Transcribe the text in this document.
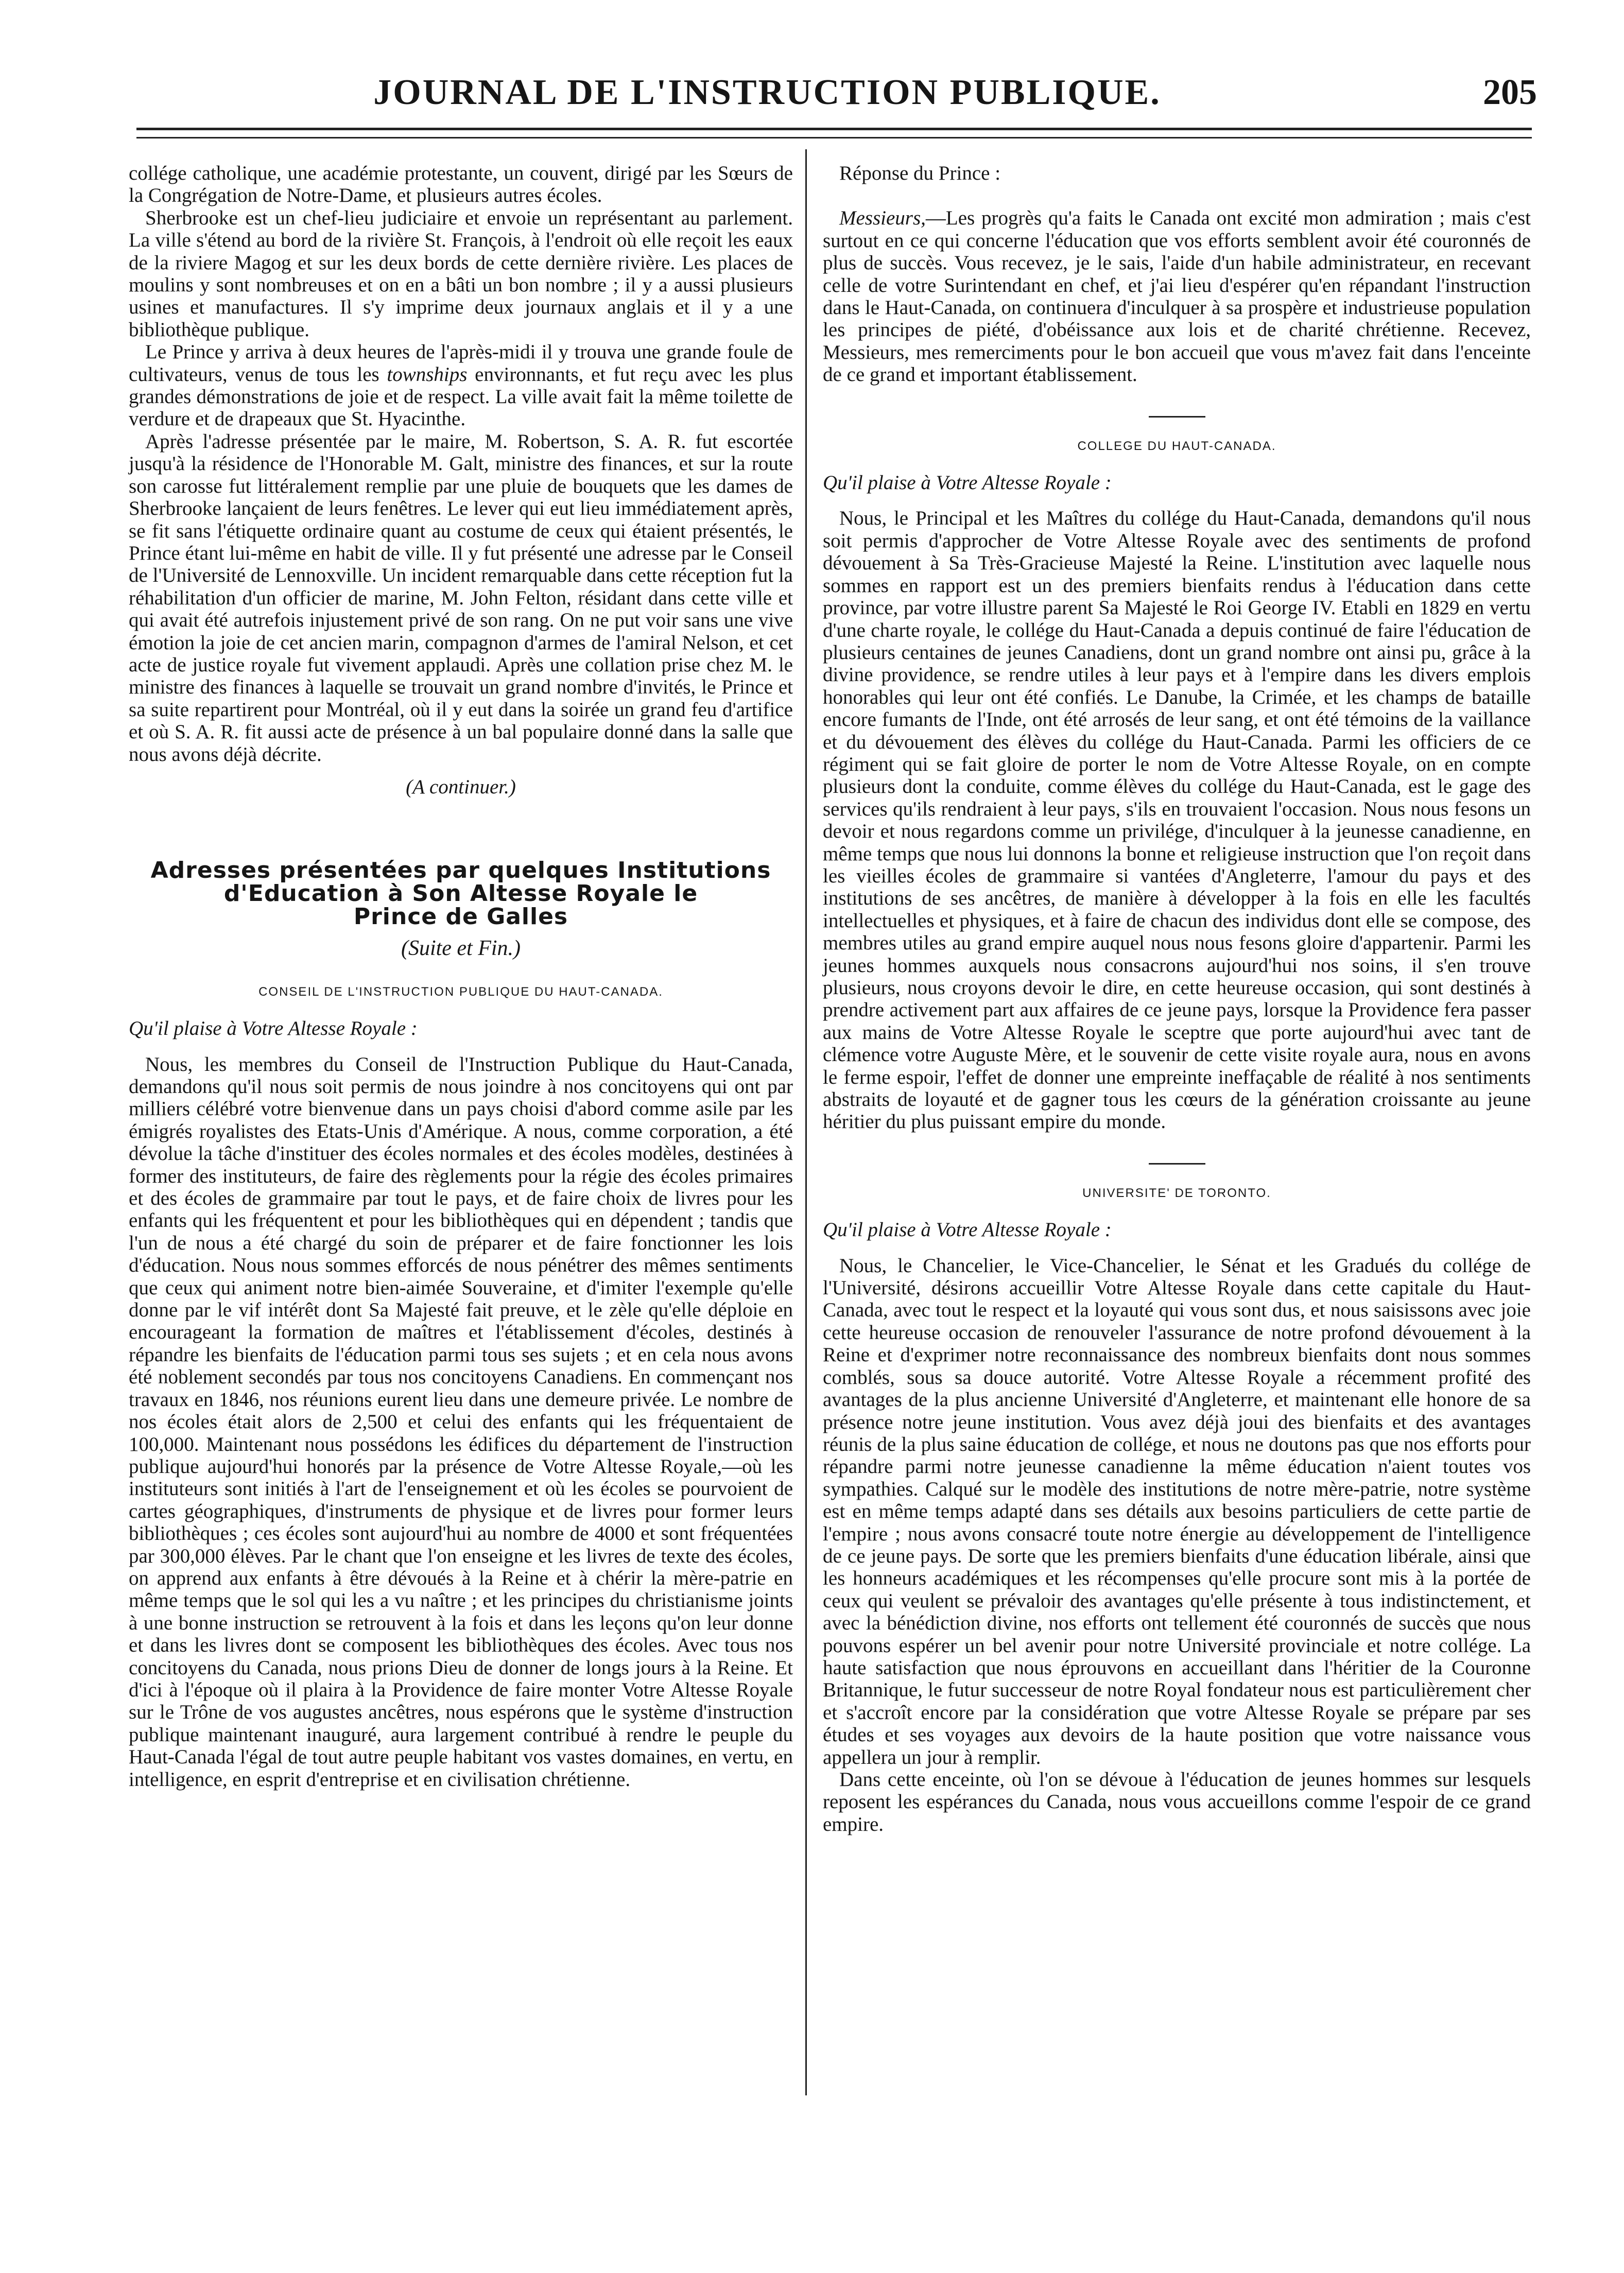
JOURNAL DE L'INSTRUCTION PUBLIQUE.	205

collége catholique, une académie protestante, un couvent, dirigé par les Sœurs de la Congrégation de Notre-Dame, et plusieurs autres écoles.

Sherbrooke est un chef-lieu judiciaire et envoie un représentant au parlement. La ville s'étend au bord de la rivière St. François, à l'endroit où elle reçoit les eaux de la riviere Magog et sur les deux bords de cette dernière rivière. Les places de moulins y sont nombreuses et on en a bâti un bon nombre ; il y a aussi plusieurs usines et manufactures. Il s'y imprime deux journaux anglais et il y a une bibliothèque publique.

Le Prince y arriva à deux heures de l'après-midi il y trouva une grande foule de cultivateurs, venus de tous les townships environnants, et fut reçu avec les plus grandes démonstrations de joie et de respect. La ville avait fait la même toilette de verdure et de drapeaux que St. Hyacinthe.

Après l'adresse présentée par le maire, M. Robertson, S. A. R. fut escortée jusqu'à la résidence de l'Honorable M. Galt, ministre des finances, et sur la route son carosse fut littéralement remplie par une pluie de bouquets que les dames de Sherbrooke lançaient de leurs fenêtres. Le lever qui eut lieu immédiatement après, se fit sans l'étiquette ordinaire quant au costume de ceux qui étaient présentés, le Prince étant lui-même en habit de ville. Il y fut présenté une adresse par le Conseil de l'Université de Lennoxville. Un incident remarquable dans cette réception fut la réhabilitation d'un officier de marine, M. John Felton, résidant dans cette ville et qui avait été autrefois injustement privé de son rang. On ne put voir sans une vive émotion la joie de cet ancien marin, compagnon d'armes de l'amiral Nelson, et cet acte de justice royale fut vivement applaudi. Après une collation prise chez M. le ministre des finances à laquelle se trouvait un grand nombre d'invités, le Prince et sa suite repartirent pour Montréal, où il y eut dans la soirée un grand feu d'artifice et où S. A. R. fit aussi acte de présence à un bal populaire donné dans la salle que nous avons déjà décrite.

(A continuer.)

Adresses présentées par quelques Institutions
d'Education à Son Altesse Royale le
Prince de Galles

(Suite et Fin.)

CONSEIL DE L'INSTRUCTION PUBLIQUE DU HAUT-CANADA.

Qu'il plaise à Votre Altesse Royale :

Nous, les membres du Conseil de l'Instruction Publique du Haut-Canada, demandons qu'il nous soit permis de nous joindre à nos concitoyens qui ont par milliers célébré votre bienvenue dans un pays choisi d'abord comme asile par les émigrés royalistes des Etats-Unis d'Amérique. A nous, comme corporation, a été dévolue la tâche d'instituer des écoles normales et des écoles modèles, destinées à former des instituteurs, de faire des règlements pour la régie des écoles primaires et des écoles de grammaire par tout le pays, et de faire choix de livres pour les enfants qui les fréquentent et pour les bibliothèques qui en dépendent ; tandis que l'un de nous a été chargé du soin de préparer et de faire fonctionner les lois d'éducation. Nous nous sommes efforcés de nous pénétrer des mêmes sentiments que ceux qui animent notre bien-aimée Souveraine, et d'imiter l'exemple qu'elle donne par le vif intérêt dont Sa Majesté fait preuve, et le zèle qu'elle déploie en encourageant la formation de maîtres et l'établissement d'écoles, destinés à répandre les bienfaits de l'éducation parmi tous ses sujets ; et en cela nous avons été noblement secondés par tous nos concitoyens Canadiens. En commençant nos travaux en 1846, nos réunions eurent lieu dans une demeure privée. Le nombre de nos écoles était alors de 2,500 et celui des enfants qui les fréquentaient de 100,000. Maintenant nous possédons les édifices du département de l'instruction publique aujourd'hui honorés par la présence de Votre Altesse Royale,—où les instituteurs sont initiés à l'art de l'enseignement et où les écoles se pourvoient de cartes géographiques, d'instruments de physique et de livres pour former leurs bibliothèques ; ces écoles sont aujourd'hui au nombre de 4000 et sont fréquentées par 300,000 élèves. Par le chant que l'on enseigne et les livres de texte des écoles, on apprend aux enfants à être dévoués à la Reine et à chérir la mère-patrie en même temps que le sol qui les a vu naître ; et les principes du christianisme joints à une bonne instruction se retrouvent à la fois et dans les leçons qu'on leur donne et dans les livres dont se composent les bibliothèques des écoles. Avec tous nos concitoyens du Canada, nous prions Dieu de donner de longs jours à la Reine. Et d'ici à l'époque où il plaira à la Providence de faire monter Votre Altesse Royale sur le Trône de vos augustes ancêtres, nous espérons que le système d'instruction publique maintenant inauguré, aura largement contribué à rendre le peuple du Haut-Canada l'égal de tout autre peuple habitant vos vastes domaines, en vertu, en intelligence, en esprit d'entreprise et en civilisation chrétienne.

Réponse du Prince :

Messieurs,—Les progrès qu'a faits le Canada ont excité mon admiration ; mais c'est surtout en ce qui concerne l'éducation que vos efforts semblent avoir été couronnés de plus de succès. Vous recevez, je le sais, l'aide d'un habile administrateur, en recevant celle de votre Surintendant en chef, et j'ai lieu d'espérer qu'en répandant l'instruction dans le Haut-Canada, on continuera d'inculquer à sa prospère et industrieuse population les principes de piété, d'obéissance aux lois et de charité chrétienne. Recevez, Messieurs, mes remerciments pour le bon accueil que vous m'avez fait dans l'enceinte de ce grand et important établissement.

COLLEGE DU HAUT-CANADA.

Qu'il plaise à Votre Altesse Royale :

Nous, le Principal et les Maîtres du collége du Haut-Canada, demandons qu'il nous soit permis d'approcher de Votre Altesse Royale avec des sentiments de profond dévouement à Sa Très-Gracieuse Majesté la Reine. L'institution avec laquelle nous sommes en rapport est un des premiers bienfaits rendus à l'éducation dans cette province, par votre illustre parent Sa Majesté le Roi George IV. Etabli en 1829 en vertu d'une charte royale, le collége du Haut-Canada a depuis continué de faire l'éducation de plusieurs centaines de jeunes Canadiens, dont un grand nombre ont ainsi pu, grâce à la divine providence, se rendre utiles à leur pays et à l'empire dans les divers emplois honorables qui leur ont été confiés. Le Danube, la Crimée, et les champs de bataille encore fumants de l'Inde, ont été arrosés de leur sang, et ont été témoins de la vaillance et du dévouement des élèves du collége du Haut-Canada. Parmi les officiers de ce régiment qui se fait gloire de porter le nom de Votre Altesse Royale, on en compte plusieurs dont la conduite, comme élèves du collége du Haut-Canada, est le gage des services qu'ils rendraient à leur pays, s'ils en trouvaient l'occasion. Nous nous fesons un devoir et nous regardons comme un privilége, d'inculquer à la jeunesse canadienne, en même temps que nous lui donnons la bonne et religieuse instruction que l'on reçoit dans les vieilles écoles de grammaire si vantées d'Angleterre, l'amour du pays et des institutions de ses ancêtres, de manière à développer à la fois en elle les facultés intellectuelles et physiques, et à faire de chacun des individus dont elle se compose, des membres utiles au grand empire auquel nous nous fesons gloire d'appartenir. Parmi les jeunes hommes auxquels nous consacrons aujourd'hui nos soins, il s'en trouve plusieurs, nous croyons devoir le dire, en cette heureuse occasion, qui sont destinés à prendre activement part aux affaires de ce jeune pays, lorsque la Providence fera passer aux mains de Votre Altesse Royale le sceptre que porte aujourd'hui avec tant de clémence votre Auguste Mère, et le souvenir de cette visite royale aura, nous en avons le ferme espoir, l'effet de donner une empreinte ineffaçable de réalité à nos sentiments abstraits de loyauté et de gagner tous les cœurs de la génération croissante au jeune héritier du plus puissant empire du monde.

UNIVERSITE' DE TORONTO.

Qu'il plaise à Votre Altesse Royale :

Nous, le Chancelier, le Vice-Chancelier, le Sénat et les Gradués du collége de l'Université, désirons accueillir Votre Altesse Royale dans cette capitale du Haut-Canada, avec tout le respect et la loyauté qui vous sont dus, et nous saisissons avec joie cette heureuse occasion de renouveler l'assurance de notre profond dévouement à la Reine et d'exprimer notre reconnaissance des nombreux bienfaits dont nous sommes comblés, sous sa douce autorité. Votre Altesse Royale a récemment profité des avantages de la plus ancienne Université d'Angleterre, et maintenant elle honore de sa présence notre jeune institution. Vous avez déjà joui des bienfaits et des avantages réunis de la plus saine éducation de collége, et nous ne doutons pas que nos efforts pour répandre parmi notre jeunesse canadienne la même éducation n'aient toutes vos sympathies. Calqué sur le modèle des institutions de notre mère-patrie, notre système est en même temps adapté dans ses détails aux besoins particuliers de cette partie de l'empire ; nous avons consacré toute notre énergie au développement de l'intelligence de ce jeune pays. De sorte que les premiers bienfaits d'une éducation libérale, ainsi que les honneurs académiques et les récompenses qu'elle procure sont mis à la portée de ceux qui veulent se prévaloir des avantages qu'elle présente à tous indistinctement, et avec la bénédiction divine, nos efforts ont tellement été couronnés de succès que nous pouvons espérer un bel avenir pour notre Université provinciale et notre collége. La haute satisfaction que nous éprouvons en accueillant dans l'héritier de la Couronne Britannique, le futur successeur de notre Royal fondateur nous est particulièrement cher et s'accroît encore par la considération que votre Altesse Royale se prépare par ses études et ses voyages aux devoirs de la haute position que votre naissance vous appellera un jour à remplir.

Dans cette enceinte, où l'on se dévoue à l'éducation de jeunes hommes sur lesquels reposent les espérances du Canada, nous vous accueillons comme l'espoir de ce grand empire.
